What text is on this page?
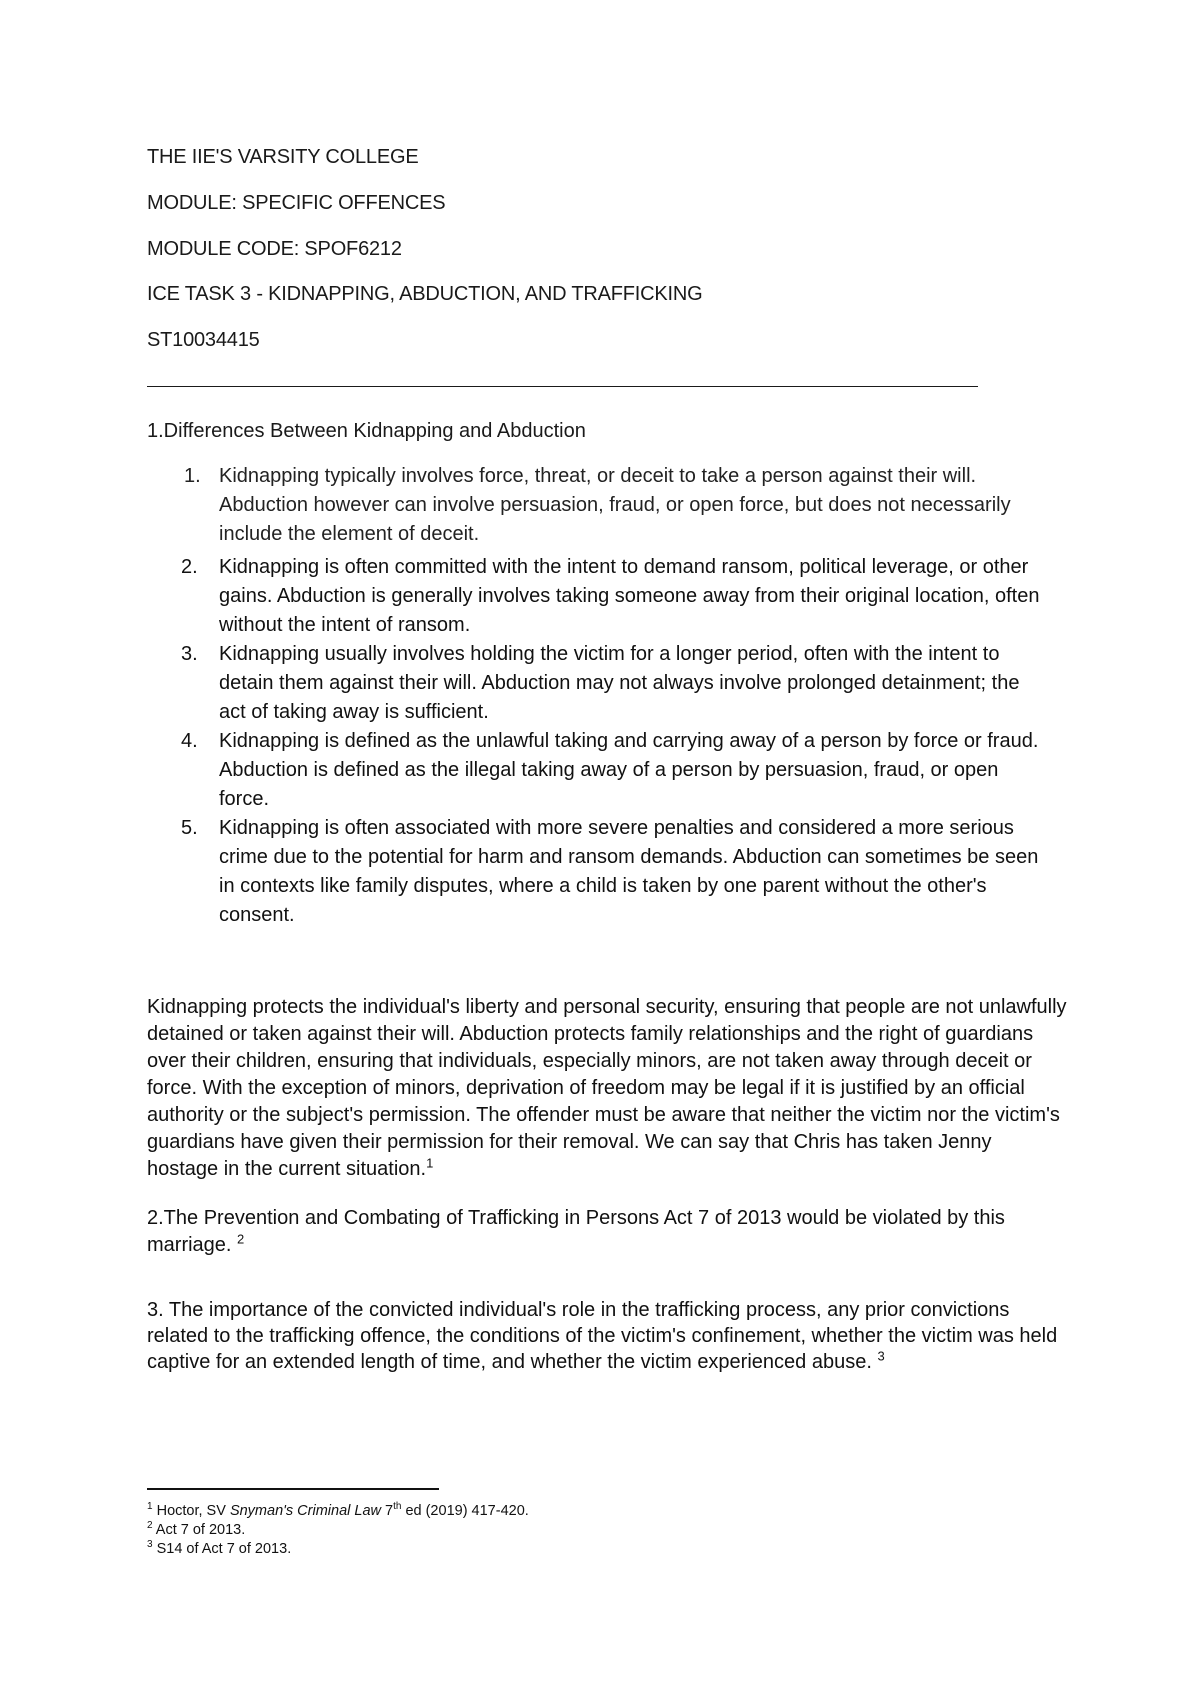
THE IIE'S VARSITY COLLEGE

MODULE: SPECIFIC OFFENCES

MODULE CODE: SPOF6212

ICE TASK 3 - KIDNAPPING, ABDUCTION, AND TRAFFICKING

ST10034415

1.Differences Between Kidnapping and Abduction

1. Kidnapping typically involves force, threat, or deceit to take a person against their will. Abduction however can involve persuasion, fraud, or open force, but does not necessarily include the element of deceit.
2. Kidnapping is often committed with the intent to demand ransom, political leverage, or other gains. Abduction is generally involves taking someone away from their original location, often without the intent of ransom.
3. Kidnapping usually involves holding the victim for a longer period, often with the intent to detain them against their will. Abduction may not always involve prolonged detainment; the act of taking away is sufficient.
4. Kidnapping is defined as the unlawful taking and carrying away of a person by force or fraud. Abduction is defined as the illegal taking away of a person by persuasion, fraud, or open force.
5. Kidnapping is often associated with more severe penalties and considered a more serious crime due to the potential for harm and ransom demands. Abduction can sometimes be seen in contexts like family disputes, where a child is taken by one parent without the other's consent.

Kidnapping protects the individual's liberty and personal security, ensuring that people are not unlawfully detained or taken against their will. Abduction protects family relationships and the right of guardians over their children, ensuring that individuals, especially minors, are not taken away through deceit or force. With the exception of minors, deprivation of freedom may be legal if it is justified by an official authority or the subject's permission. The offender must be aware that neither the victim nor the victim's guardians have given their permission for their removal. We can say that Chris has taken Jenny hostage in the current situation.$^1$

2.The Prevention and Combating of Trafficking in Persons Act 7 of 2013 would be violated by this marriage. $^2$

3. The importance of the convicted individual's role in the trafficking process, any prior convictions related to the trafficking offence, the conditions of the victim's confinement, whether the victim was held captive for an extended length of time, and whether the victim experienced abuse. $^3$

$^1$ Hoctor, SV Snyman's Criminal Law 7th ed (2019) 417-420.

$^2$ Act 7 of 2013.

$^3$ S14 of Act 7 of 2013.
